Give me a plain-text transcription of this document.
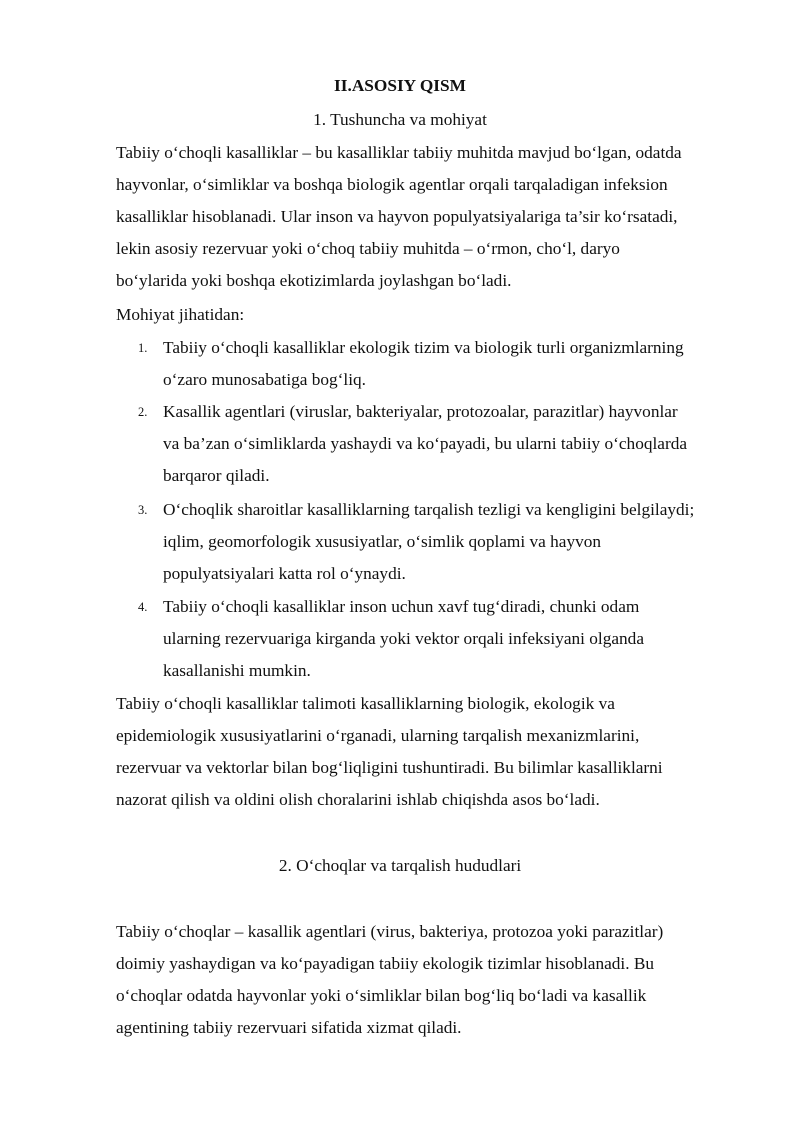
II.ASOSIY QISM
1. Tushuncha va mohiyat
Tabiiy o‘choqli kasalliklar – bu kasalliklar tabiiy muhitda mavjud bo‘lgan, odatda
hayvonlar, o‘simliklar va boshqa biologik agentlar orqali tarqaladigan infeksion
kasalliklar hisoblanadi. Ular inson va hayvon populyatsiyalariga ta’sir ko‘rsatadi,
lekin asosiy rezervuar yoki o‘choq tabiiy muhitda – o‘rmon, cho‘l, daryo
bo‘ylarida yoki boshqa ekotizimlarda joylashgan bo‘ladi.
Mohiyat jihatidan:
1. Tabiiy o‘choqli kasalliklar ekologik tizim va biologik turli organizmlarning
o‘zaro munosabatiga bog‘liq.
2. Kasallik agentlari (viruslar, bakteriyalar, protozoalar, parazitlar) hayvonlar
va ba’zan o‘simliklarda yashaydi va ko‘payadi, bu ularni tabiiy o‘choqlarda
barqaror qiladi.
3. O‘choqlik sharoitlar kasalliklarning tarqalish tezligi va kengligini belgilaydi;
iqlim, geomorfologik xususiyatlar, o‘simlik qoplami va hayvon
populyatsiyalari katta rol o‘ynaydi.
4. Tabiiy o‘choqli kasalliklar inson uchun xavf tug‘diradi, chunki odam
ularning rezervuariga kirganda yoki vektor orqali infeksiyani olganda
kasallanishi mumkin.
Tabiiy o‘choqli kasalliklar talimoti kasalliklarning biologik, ekologik va
epidemiologik xususiyatlarini o‘rganadi, ularning tarqalish mexanizmlarini,
rezervuar va vektorlar bilan bog‘liqligini tushuntiradi. Bu bilimlar kasalliklarni
nazorat qilish va oldini olish choralarini ishlab chiqishda asos bo‘ladi.
2. O‘choqlar va tarqalish hududlari
Tabiiy o‘choqlar – kasallik agentlari (virus, bakteriya, protozoa yoki parazitlar)
doimiy yashaydigan va ko‘payadigan tabiiy ekologik tizimlar hisoblanadi. Bu
o‘choqlar odatda hayvonlar yoki o‘simliklar bilan bog‘liq bo‘ladi va kasallik
agentining tabiiy rezervuari sifatida xizmat qiladi.
